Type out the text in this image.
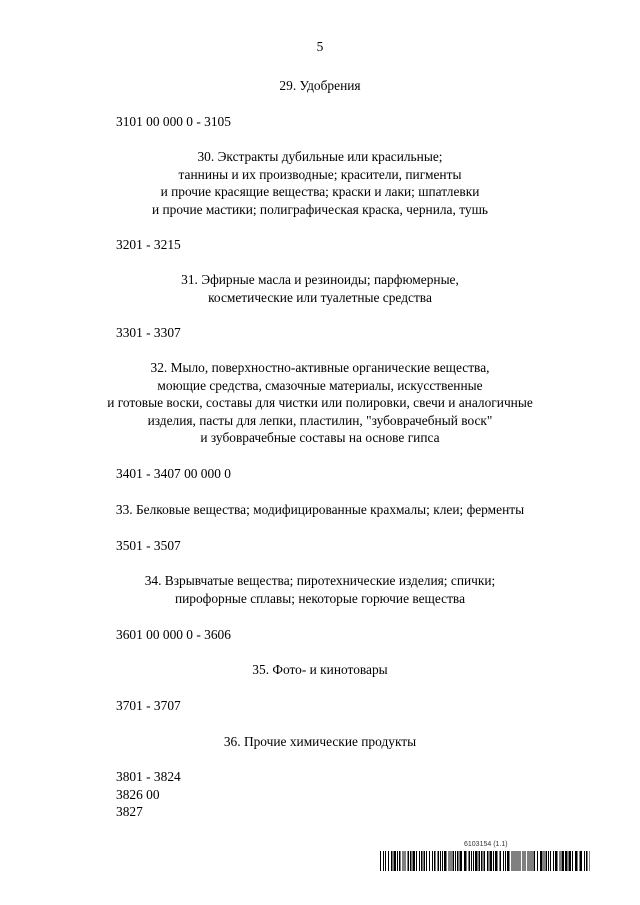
5
29. Удобрения
3101 00 000 0 - 3105
30. Экстракты дубильные или красильные;
таннины и их производные; красители, пигменты
и прочие красящие вещества; краски и лаки; шпатлевки
и прочие мастики; полиграфическая краска, чернила, тушь
3201 - 3215
31. Эфирные масла и резиноиды; парфюмерные,
косметические или туалетные средства
3301 - 3307
32. Мыло, поверхностно-активные органические вещества,
моющие средства, смазочные материалы, искусственные
и готовые воски, составы для чистки или полировки, свечи и аналогичные
изделия, пасты для лепки, пластилин, "зубоврачебный воск"
и зубоврачебные составы на основе гипса
3401 - 3407 00 000 0
33. Белковые вещества; модифицированные крахмалы; клеи; ферменты
3501 - 3507
34. Взрывчатые вещества; пиротехнические изделия; спички;
пирофорные сплавы; некоторые горючие вещества
3601 00 000 0 - 3606
35. Фото- и кинотовары
3701 - 3707
36. Прочие химические продукты
3801 - 3824
3826 00
3827
6103154 (1.1)
